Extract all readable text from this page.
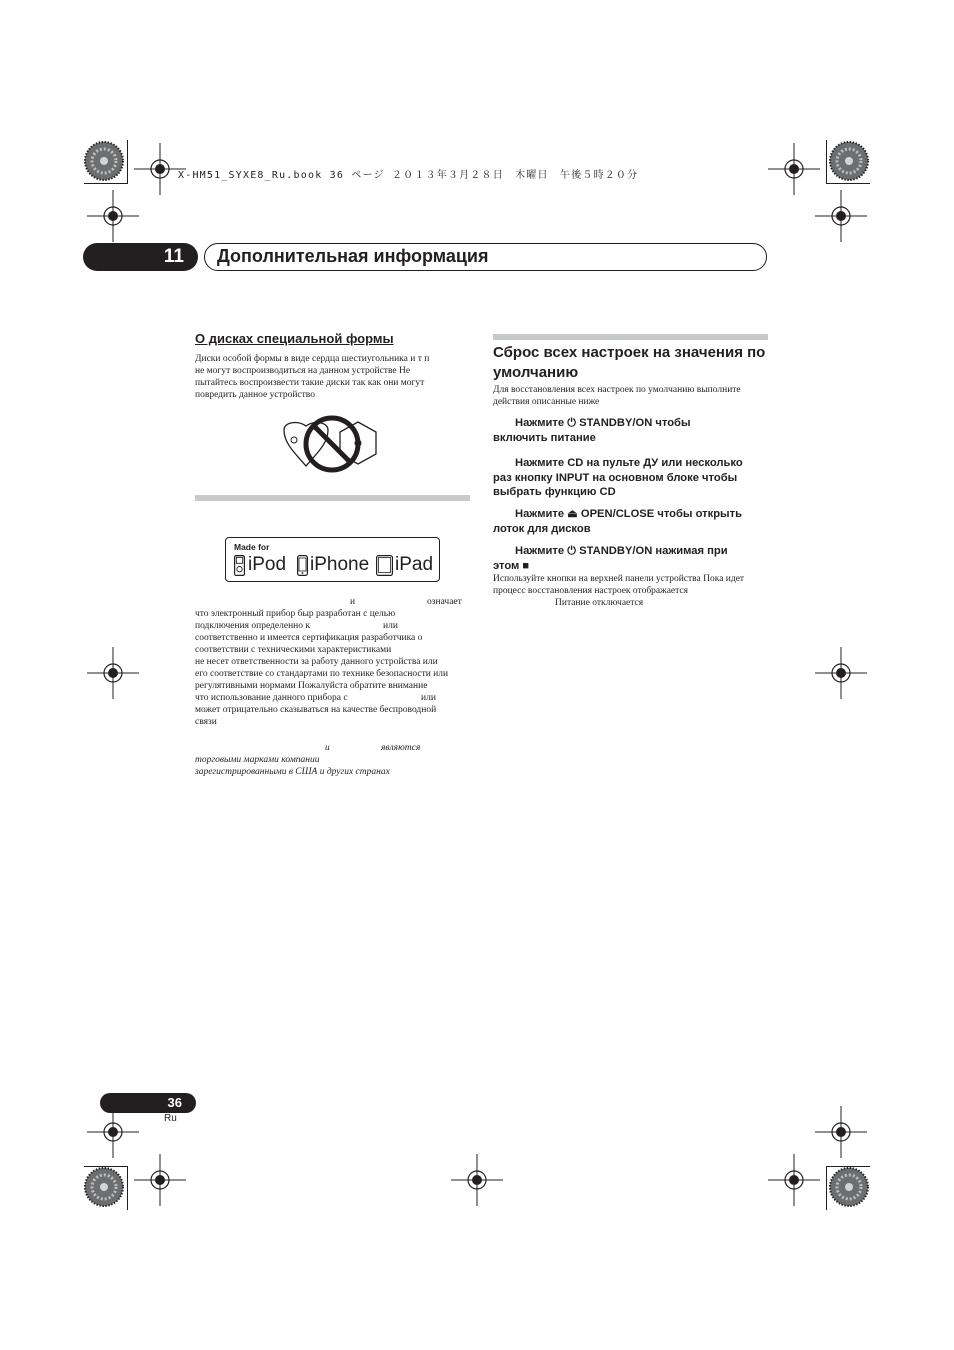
X-HM51_SYXE8_Ru.book 36 ページ ２０１３年３月２８日　木曜日　午後５時２０分
11	Дополнительная информация
О дисках специальной формы
Диски особой формы в виде сердца шестиугольника и т п
не могут воспроизводиться на данном устройстве Не
пытайтесь воспроизвести такие диски так как они могут
повредить данное устройство
Made for
iPod iPhone iPad
и	означает
что электронный прибор быр разработан с целью
подключения определенно к
соответственно и имеется сертификация разработчика о
соответствии с техническими характеристиками
не несет ответственности за работу данного устройства или
его соответствие со стандартами по технике безопасности или
регулятивными нормами Пожалуйста обратите внимание
что использование данного прибора с
может отрицательно сказываться на качестве беспроводной
связи
или
или
и	являются
торговыми марками компании
зарегистрированными в США и других странах
Сброс всех настроек на значения по умолчанию
Для восстановления всех настроек по умолчанию выполните
действия описанные ниже
Нажмите ⏻ STANDBY/ON чтобы
включить питание
Нажмите CD на пульте ДУ или несколько
раз кнопку INPUT на основном блоке чтобы
выбрать функцию CD
Нажмите ⏏ OPEN/CLOSE чтобы открыть
лоток для дисков
Нажмите ⏻ STANDBY/ON нажимая при
этом ■
Используйте кнопки на верхней панели устройства Пока идет
процесс восстановления настроек отображается
Питание отключается
36
Ru
